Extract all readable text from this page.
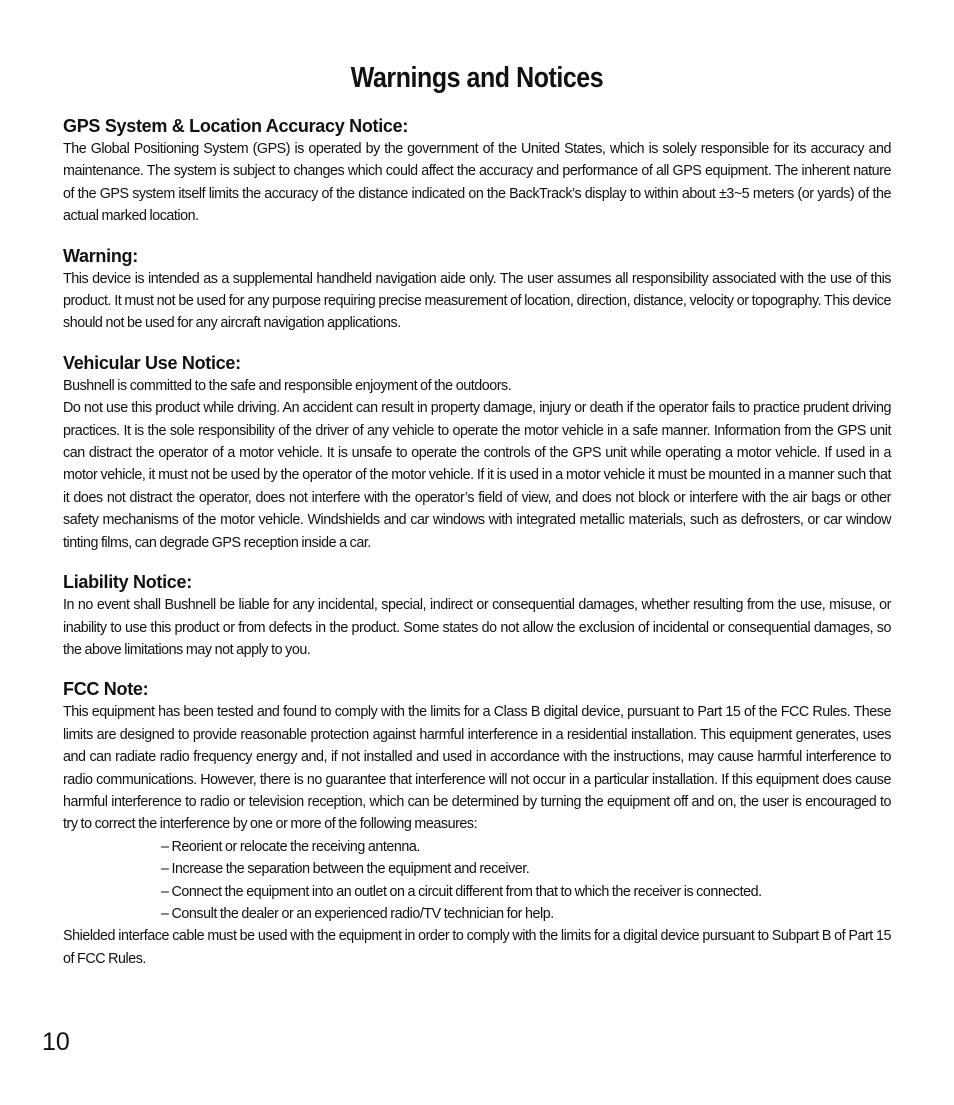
Warnings and Notices
GPS System & Location Accuracy Notice:

The Global Positioning System (GPS) is operated by the government of the United States, which is solely responsible for its accuracy and maintenance. The system is subject to changes which could affect the accuracy and performance of all GPS equipment. The inherent nature of the GPS system itself limits the accuracy of the distance indicated on the BackTrack’s display to within about ±3~5 meters (or yards) of the actual marked location.

Warning:

This device is intended as a supplemental handheld navigation aide only. The user assumes all responsibility associated with the use of this product. It must not be used for any purpose requiring precise measurement of location, direction, distance, velocity or topography. This device should not be used for any aircraft navigation applications.

Vehicular Use Notice:

Bushnell is committed to the safe and responsible enjoyment of the outdoors.

Do not use this product while driving. An accident can result in property damage, injury or death if the operator fails to practice prudent driving practices. It is the sole responsibility of the driver of any vehicle to operate the motor vehicle in a safe manner. Information from the GPS unit can distract the operator of a motor vehicle. It is unsafe to operate the controls of the GPS unit while operating a motor vehicle. If used in a motor vehicle, it must not be used by the operator of the motor vehicle. If it is used in a motor vehicle it must be mounted in a manner such that it does not distract the operator, does not interfere with the operator’s field of view, and does not block or interfere with the air bags or other safety mechanisms of the motor vehicle. Windshields and car windows with integrated metallic materials, such as defrosters, or car window tinting films, can degrade GPS reception inside a car.

Liability Notice:

In no event shall Bushnell be liable for any incidental, special, indirect or consequential damages, whether resulting from the use, misuse, or inability to use this product or from defects in the product. Some states do not allow the exclusion of incidental or consequential damages, so the above limitations may not apply to you.

FCC Note:

This equipment has been tested and found to comply with the limits for a Class B digital device, pursuant to Part 15 of the FCC Rules. These limits are designed to provide reasonable protection against harmful interference in a residential installation. This equipment generates, uses and can radiate radio frequency energy and, if not installed and used in accordance with the instructions, may cause harmful interference to radio communications. However, there is no guarantee that interference will not occur in a particular installation. If this equipment does cause harmful interference to radio or television reception, which can be determined by turning the equipment off and on, the user is encouraged to try to correct the interference by one or more of the following measures:

– Reorient or relocate the receiving antenna.
– Increase the separation between the equipment and receiver.
– Connect the equipment into an outlet on a circuit different from that to which the receiver is connected.
– Consult the dealer or an experienced radio/TV technician for help.

Shielded interface cable must be used with the equipment in order to comply with the limits for a digital device pursuant to Subpart B of Part 15 of FCC Rules.

10
